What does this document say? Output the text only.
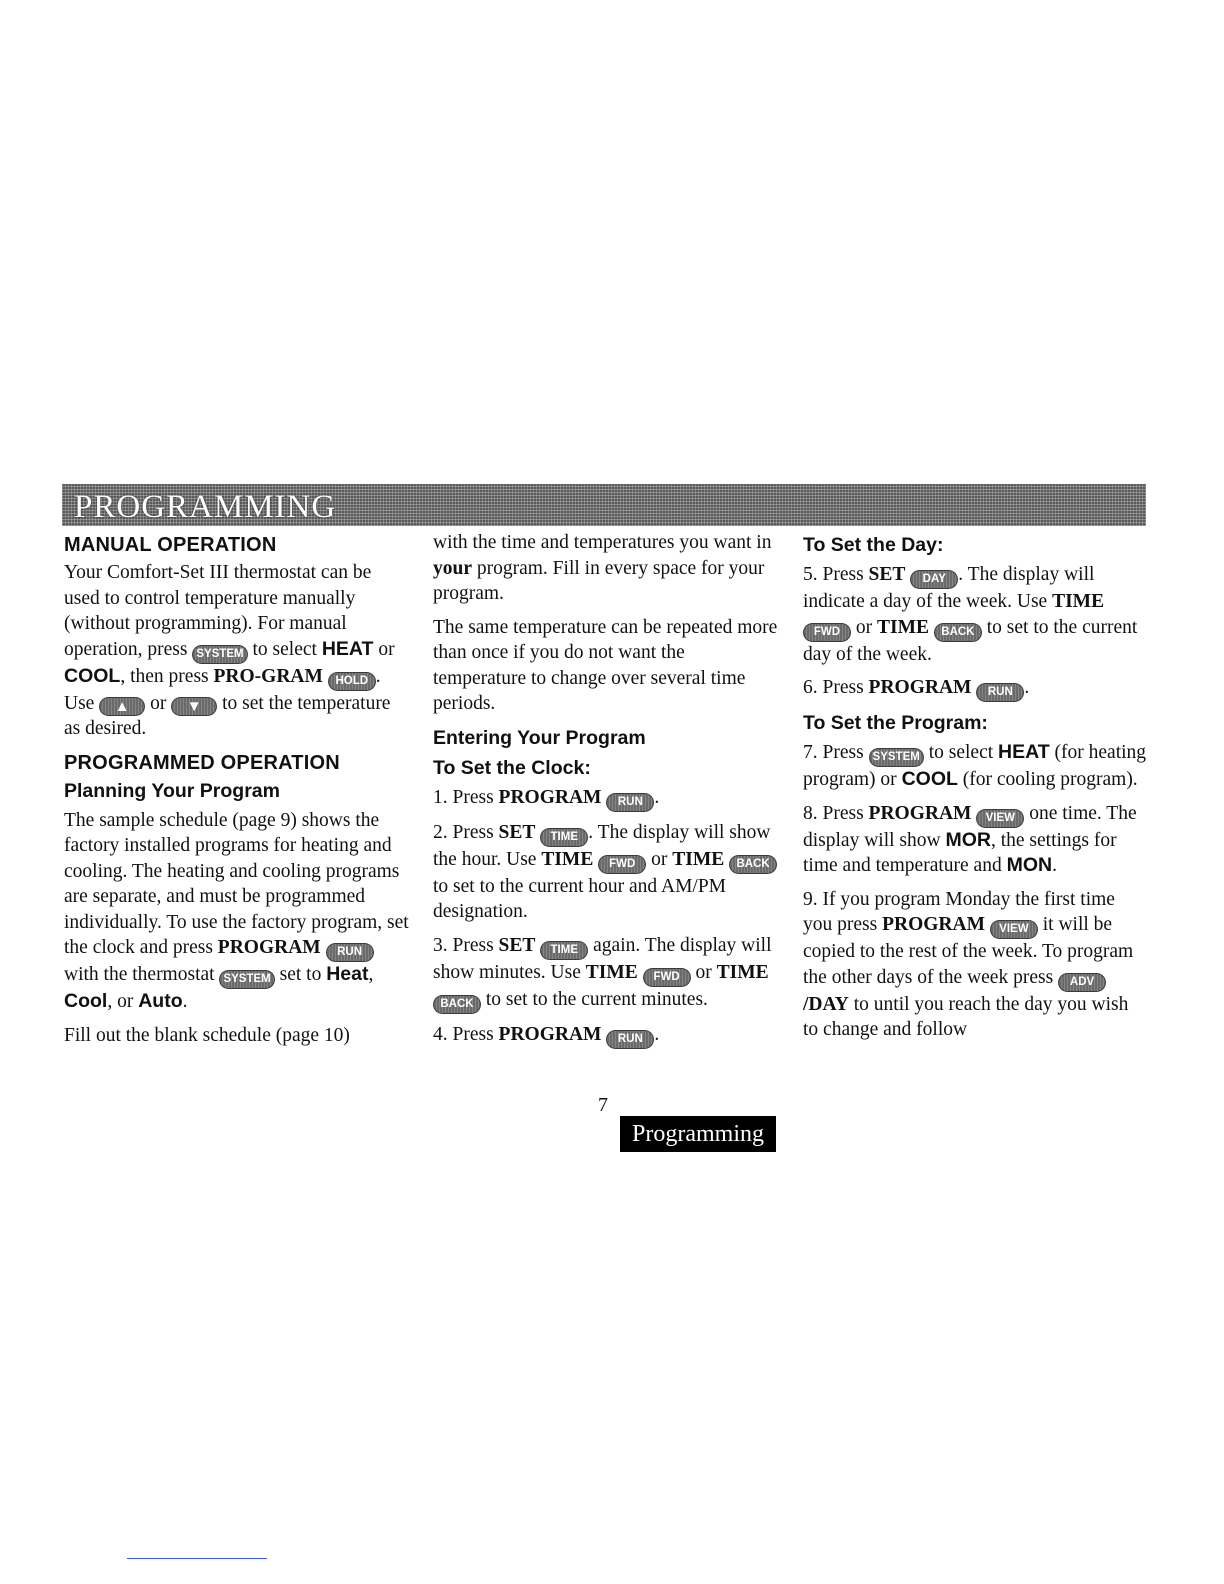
PROGRAMMING
MANUAL OPERATION

Your Comfort-Set III thermostat can be used to control temperature manually (without programming). For manual operation, press SYSTEM to select HEAT or COOL, then press PRO-GRAM HOLD . Use ▲ or ▼ to set the temperature as desired.

PROGRAMMED OPERATION
Planning Your Program

The sample schedule (page 9) shows the factory installed programs for heating and cooling. The heating and cooling programs are separate, and must be programmed individually. To use the factory program, set the clock and press PROGRAM RUN with the thermostat SYSTEM set to Heat, Cool, or Auto.

Fill out the blank schedule (page 10)

with the time and temperatures you want in your program. Fill in every space for your program.

The same temperature can be repeated more than once if you do not want the temperature to change over several time periods.

Entering Your Program
To Set the Clock:

1. Press PROGRAM RUN .

2. Press SET TIME . The display will show the hour. Use TIME FWD or TIME BACK to set to the current hour and AM/PM designation.

3. Press SET TIME again. The display will show minutes. Use TIME FWD or TIME BACK to set to the current minutes.

4. Press PROGRAM RUN .

To Set the Day:

5. Press SET DAY . The display will indicate a day of the week. Use TIME FWD or TIME BACK to set to the current day of the week.

6. Press PROGRAM RUN .

To Set the Program:

7. Press SYSTEM to select HEAT (for heating program) or COOL (for cooling program).

8. Press PROGRAM VIEW one time. The display will show MOR, the settings for time and temperature and MON.

9. If you program Monday the first time you press PROGRAM VIEW it will be copied to the rest of the week. To program the other days of the week press ADV/DAY to until you reach the day you wish to change and follow

7
Programming
